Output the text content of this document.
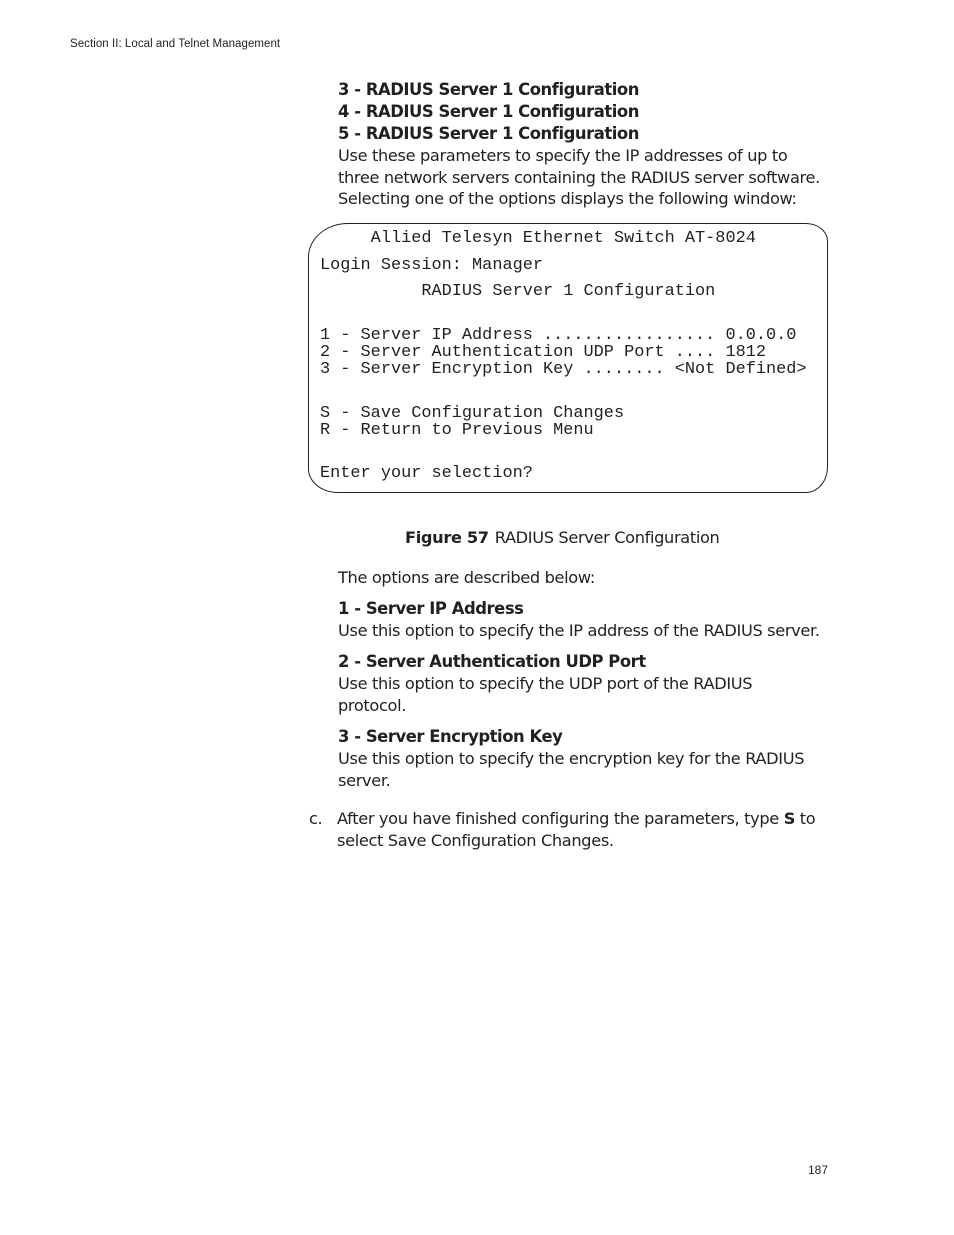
Section II: Local and Telnet Management
3 - RADIUS Server 1 Configuration
4 - RADIUS Server 1 Configuration
5 - RADIUS Server 1 Configuration
Use these parameters to specify the IP addresses of up to
three network servers containing the RADIUS server software.
Selecting one of the options displays the following window:
Allied Telesyn Ethernet Switch AT-8024
Login Session: Manager
RADIUS Server 1 Configuration
1 - Server IP Address ................. 0.0.0.0
2 - Server Authentication UDP Port .... 1812
3 - Server Encryption Key ........ <Not Defined>
S - Save Configuration Changes
R - Return to Previous Menu
Enter your selection?
Figure 57 RADIUS Server Configuration
The options are described below:
1 - Server IP Address
Use this option to specify the IP address of the RADIUS server.
2 - Server Authentication UDP Port
Use this option to specify the UDP port of the RADIUS
protocol.
3 - Server Encryption Key
Use this option to specify the encryption key for the RADIUS
server.
c. After you have finished configuring the parameters, type S to
select Save Configuration Changes.
187
